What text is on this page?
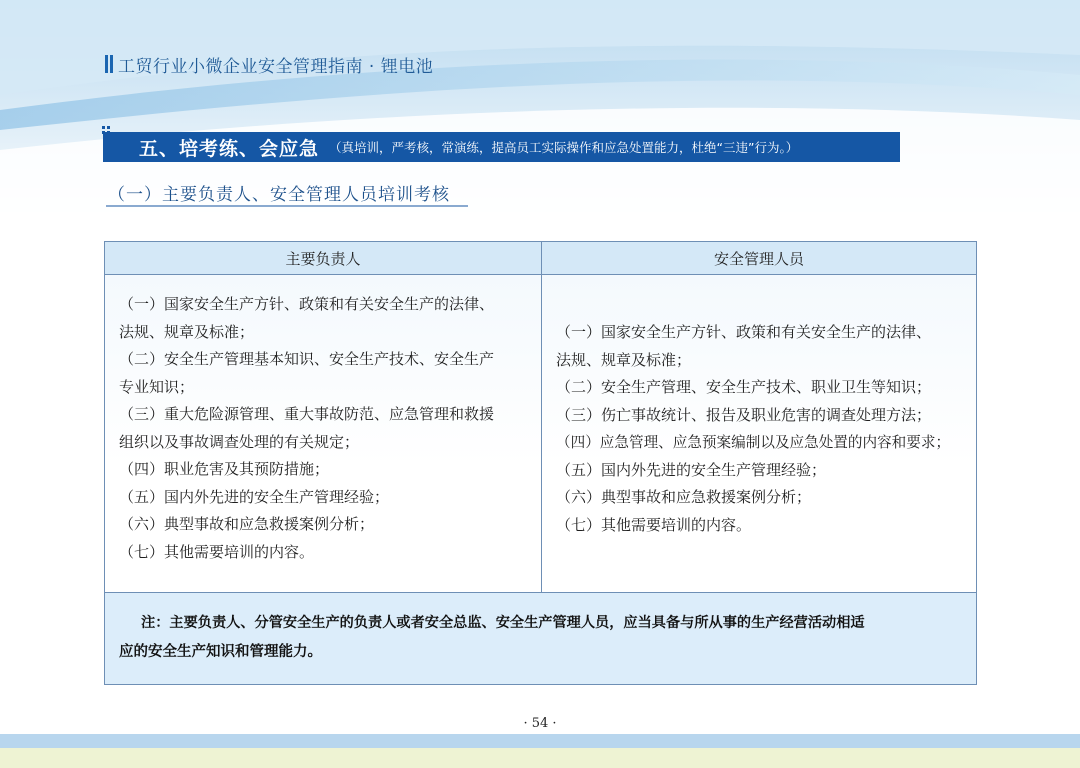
工贸行业小微企业安全管理指南 · 锂电池
五、培考练、会应急 （真培训，严考核，常演练，提高员工实际操作和应急处置能力，杜绝“三违”行为。）
（一）主要负责人、安全管理人员培训考核
主要负责人	安全管理人员
（一）国家安全生产方针、政策和有关安全生产的法律、
法规、规章及标准；
（二）安全生产管理基本知识、安全生产技术、安全生产
专业知识；
（三）重大危险源管理、重大事故防范、应急管理和救援
组织以及事故调查处理的有关规定；
（四）职业危害及其预防措施；
（五）国内外先进的安全生产管理经验；
（六）典型事故和应急救援案例分析；
（七）其他需要培训的内容。
（一）国家安全生产方针、政策和有关安全生产的法律、
法规、规章及标准；
（二）安全生产管理、安全生产技术、职业卫生等知识；
（三）伤亡事故统计、报告及职业危害的调查处理方法；
（四）应急管理、应急预案编制以及应急处置的内容和要求；
（五）国内外先进的安全生产管理经验；
（六）典型事故和应急救援案例分析；
（七）其他需要培训的内容。
注：主要负责人、分管安全生产的负责人或者安全总监、安全生产管理人员，应当具备与所从事的生产经营活动相适
应的安全生产知识和管理能力。
· 54 ·
